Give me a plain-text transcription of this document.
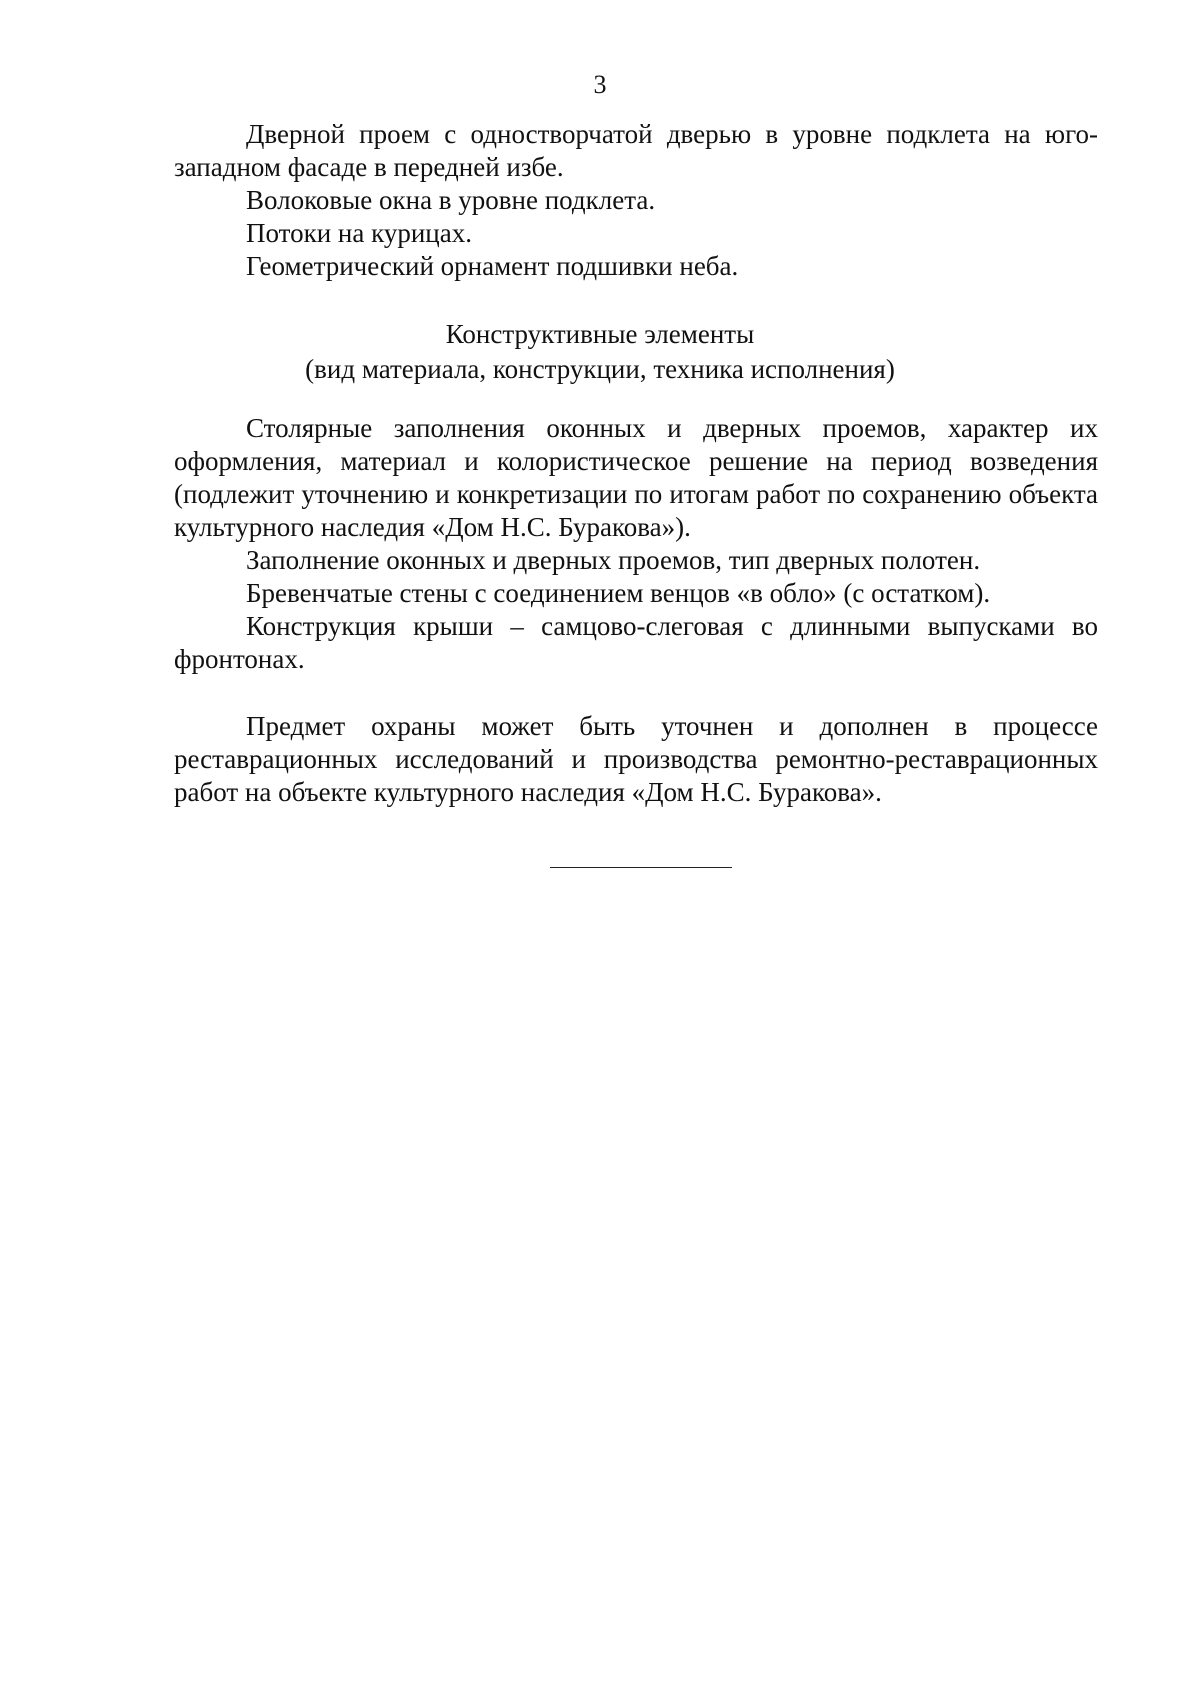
3

Дверной проем с одностворчатой дверью в уровне подклета на юго-западном фасаде в передней избе.

Волоковые окна в уровне подклета.

Потоки на курицах.

Геометрический орнамент подшивки неба.

Конструктивные элементы
(вид материала, конструкции, техника исполнения)

Столярные заполнения оконных и дверных проемов, характер их оформления, материал и колористическое решение на период возведения (подлежит уточнению и конкретизации по итогам работ по сохранению объекта культурного наследия «Дом Н.С. Буракова»).

Заполнение оконных и дверных проемов, тип дверных полотен.

Бревенчатые стены с соединением венцов «в обло» (с остатком).

Конструкция крыши – самцово-слеговая с длинными выпусками во фронтонах.

Предмет охраны может быть уточнен и дополнен в процессе реставрационных исследований и производства ремонтно-реставрационных работ на объекте культурного наследия «Дом Н.С. Буракова».
